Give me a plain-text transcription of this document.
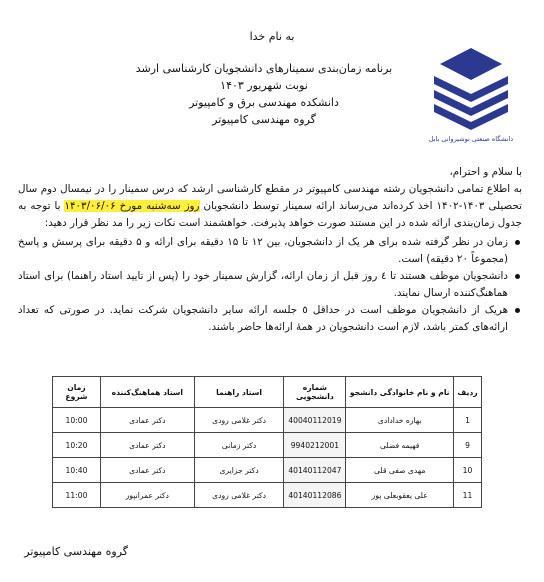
به نام خدا
برنامه زمان‌بندی سمینارهای دانشجویان کارشناسی ارشد
نوبت شهریور ۱۴۰۳
دانشکده مهندسی برق و کامپیوتر
گروه مهندسی کامپیوتر
دانشگاه صنعتی نوشیروانی بابل

با سلام و احترام،

به اطلاع تمامی دانشجویان رشته مهندسی کامپیوتر در مقطع کارشناسی ارشد که درس سمینار را در نیمسال دوم سال تحصیلی ۱۴۰۳-۱۴۰۲ اخذ کرده‌اند می‌رساند ارائه سمینار توسط دانشجویان روز سه‌شنبه مورخ ۱۴۰۳/۰۶/۰۶ با توجه به جدول زمان‌بندی ارائه شده در این مستند صورت خواهد پذیرفت. خواهشمند است نکات زیر را مد نظر قرار دهید:

زمان در نظر گرفته شده برای هر یک از دانشجویان، بین ۱۲ تا ۱۵ دقیقه برای ارائه و ۵ دقیقه برای پرسش و پاسخ (مجموعاً ۲۰ دقیقه) است.
دانشجویان موظف هستند تا ٤ روز قبل از زمان ارائه، گزارش سمینار خود را (پس از تایید استاد راهنما) برای استاد هماهنگ‌کننده ارسال نمایند.
هریک از دانشجویان موظف است در حداقل ٥ جلسه ارائه سایر دانشجویان شرکت نماید. در صورتی که تعداد ارائه‌های کمتر باشد، لازم است دانشجویان در همهٔ ارائه‌ها حاضر باشند.
ردیف	نام و نام خانوادگی دانشجو	شماره دانشجویی	استاد راهنما	استاد هماهنگ‌کننده	زمان شروع
1	بهاره خدادادی	40040112019	دکتر غلامی رودی	دکتر عمادی	10:00
9	فهیمه فضلی	9940212001	دکتر زمانی	دکتر عمادی	10:20
10	مهدی صفی قلی	40140112047	دکتر جزایری	دکتر عمادی	10:40
11	علی یعقوبعلی پور	40140112086	دکتر غلامی رودی	دکتر عمرانپور	11:00
گروه مهندسی کامپیوتر
